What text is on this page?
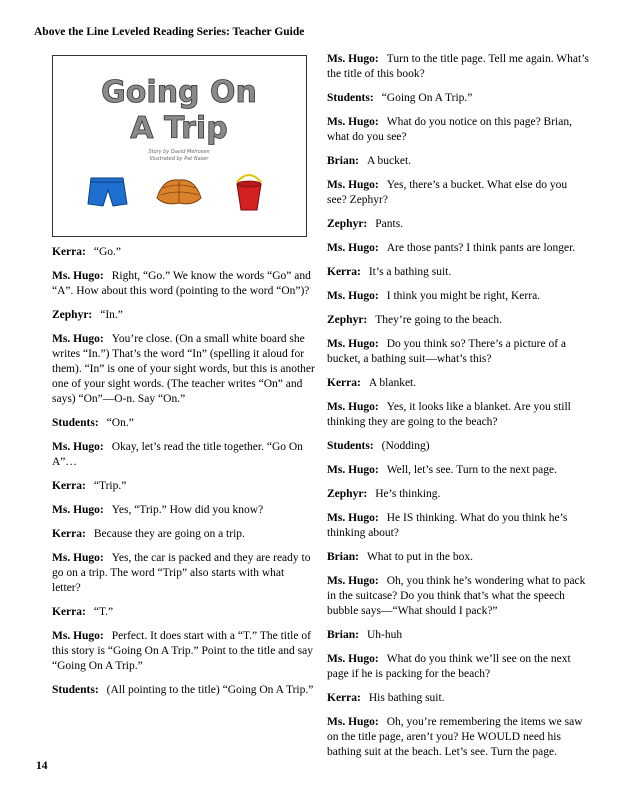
Above the Line Leveled Reading Series: Teacher Guide
Going On
A Trip
Story by David Melrosen
Illustrated by Pat Naser
Kerra: “Go.”
Ms. Hugo: Right, “Go.” We know the words “Go” and “A”. How about this word (pointing to the word “On”)?
Zephyr: “In.”
Ms. Hugo: You’re close. (On a small white board she writes “In.”) That’s the word “In” (spelling it aloud for them). “In” is one of your sight words, but this is another one of your sight words. (The teacher writes “On” and says) “On”—O-n. Say “On.”
Students: “On.”
Ms. Hugo: Okay, let’s read the title together. “Go On A”…
Kerra: “Trip.”
Ms. Hugo: Yes, “Trip.” How did you know?
Kerra: Because they are going on a trip.
Ms. Hugo: Yes, the car is packed and they are ready to go on a trip. The word “Trip” also starts with what letter?
Kerra: “T.”
Ms. Hugo: Perfect. It does start with a “T.” The title of this story is “Going On A Trip.” Point to the title and say “Going On A Trip.”
Students: (All pointing to the title) “Going On A Trip.”
Ms. Hugo: Turn to the title page. Tell me again. What’s the title of this book?
Students: “Going On A Trip.”
Ms. Hugo: What do you notice on this page? Brian, what do you see?
Brian: A bucket.
Ms. Hugo: Yes, there’s a bucket. What else do you see? Zephyr?
Zephyr: Pants.
Ms. Hugo: Are those pants? I think pants are longer.
Kerra: It’s a bathing suit.
Ms. Hugo: I think you might be right, Kerra.
Zephyr: They’re going to the beach.
Ms. Hugo: Do you think so? There’s a picture of a bucket, a bathing suit—what’s this?
Kerra: A blanket.
Ms. Hugo: Yes, it looks like a blanket. Are you still thinking they are going to the beach?
Students: (Nodding)
Ms. Hugo: Well, let’s see. Turn to the next page.
Zephyr: He’s thinking.
Ms. Hugo: He IS thinking. What do you think he’s thinking about?
Brian: What to put in the box.
Ms. Hugo: Oh, you think he’s wondering what to pack in the suitcase? Do you think that’s what the speech bubble says—“What should I pack?”
Brian: Uh-huh
Ms. Hugo: What do you think we’ll see on the next page if he is packing for the beach?
Kerra: His bathing suit.
Ms. Hugo: Oh, you’re remembering the items we saw on the title page, aren’t you? He WOULD need his bathing suit at the beach. Let’s see. Turn the page.
14
